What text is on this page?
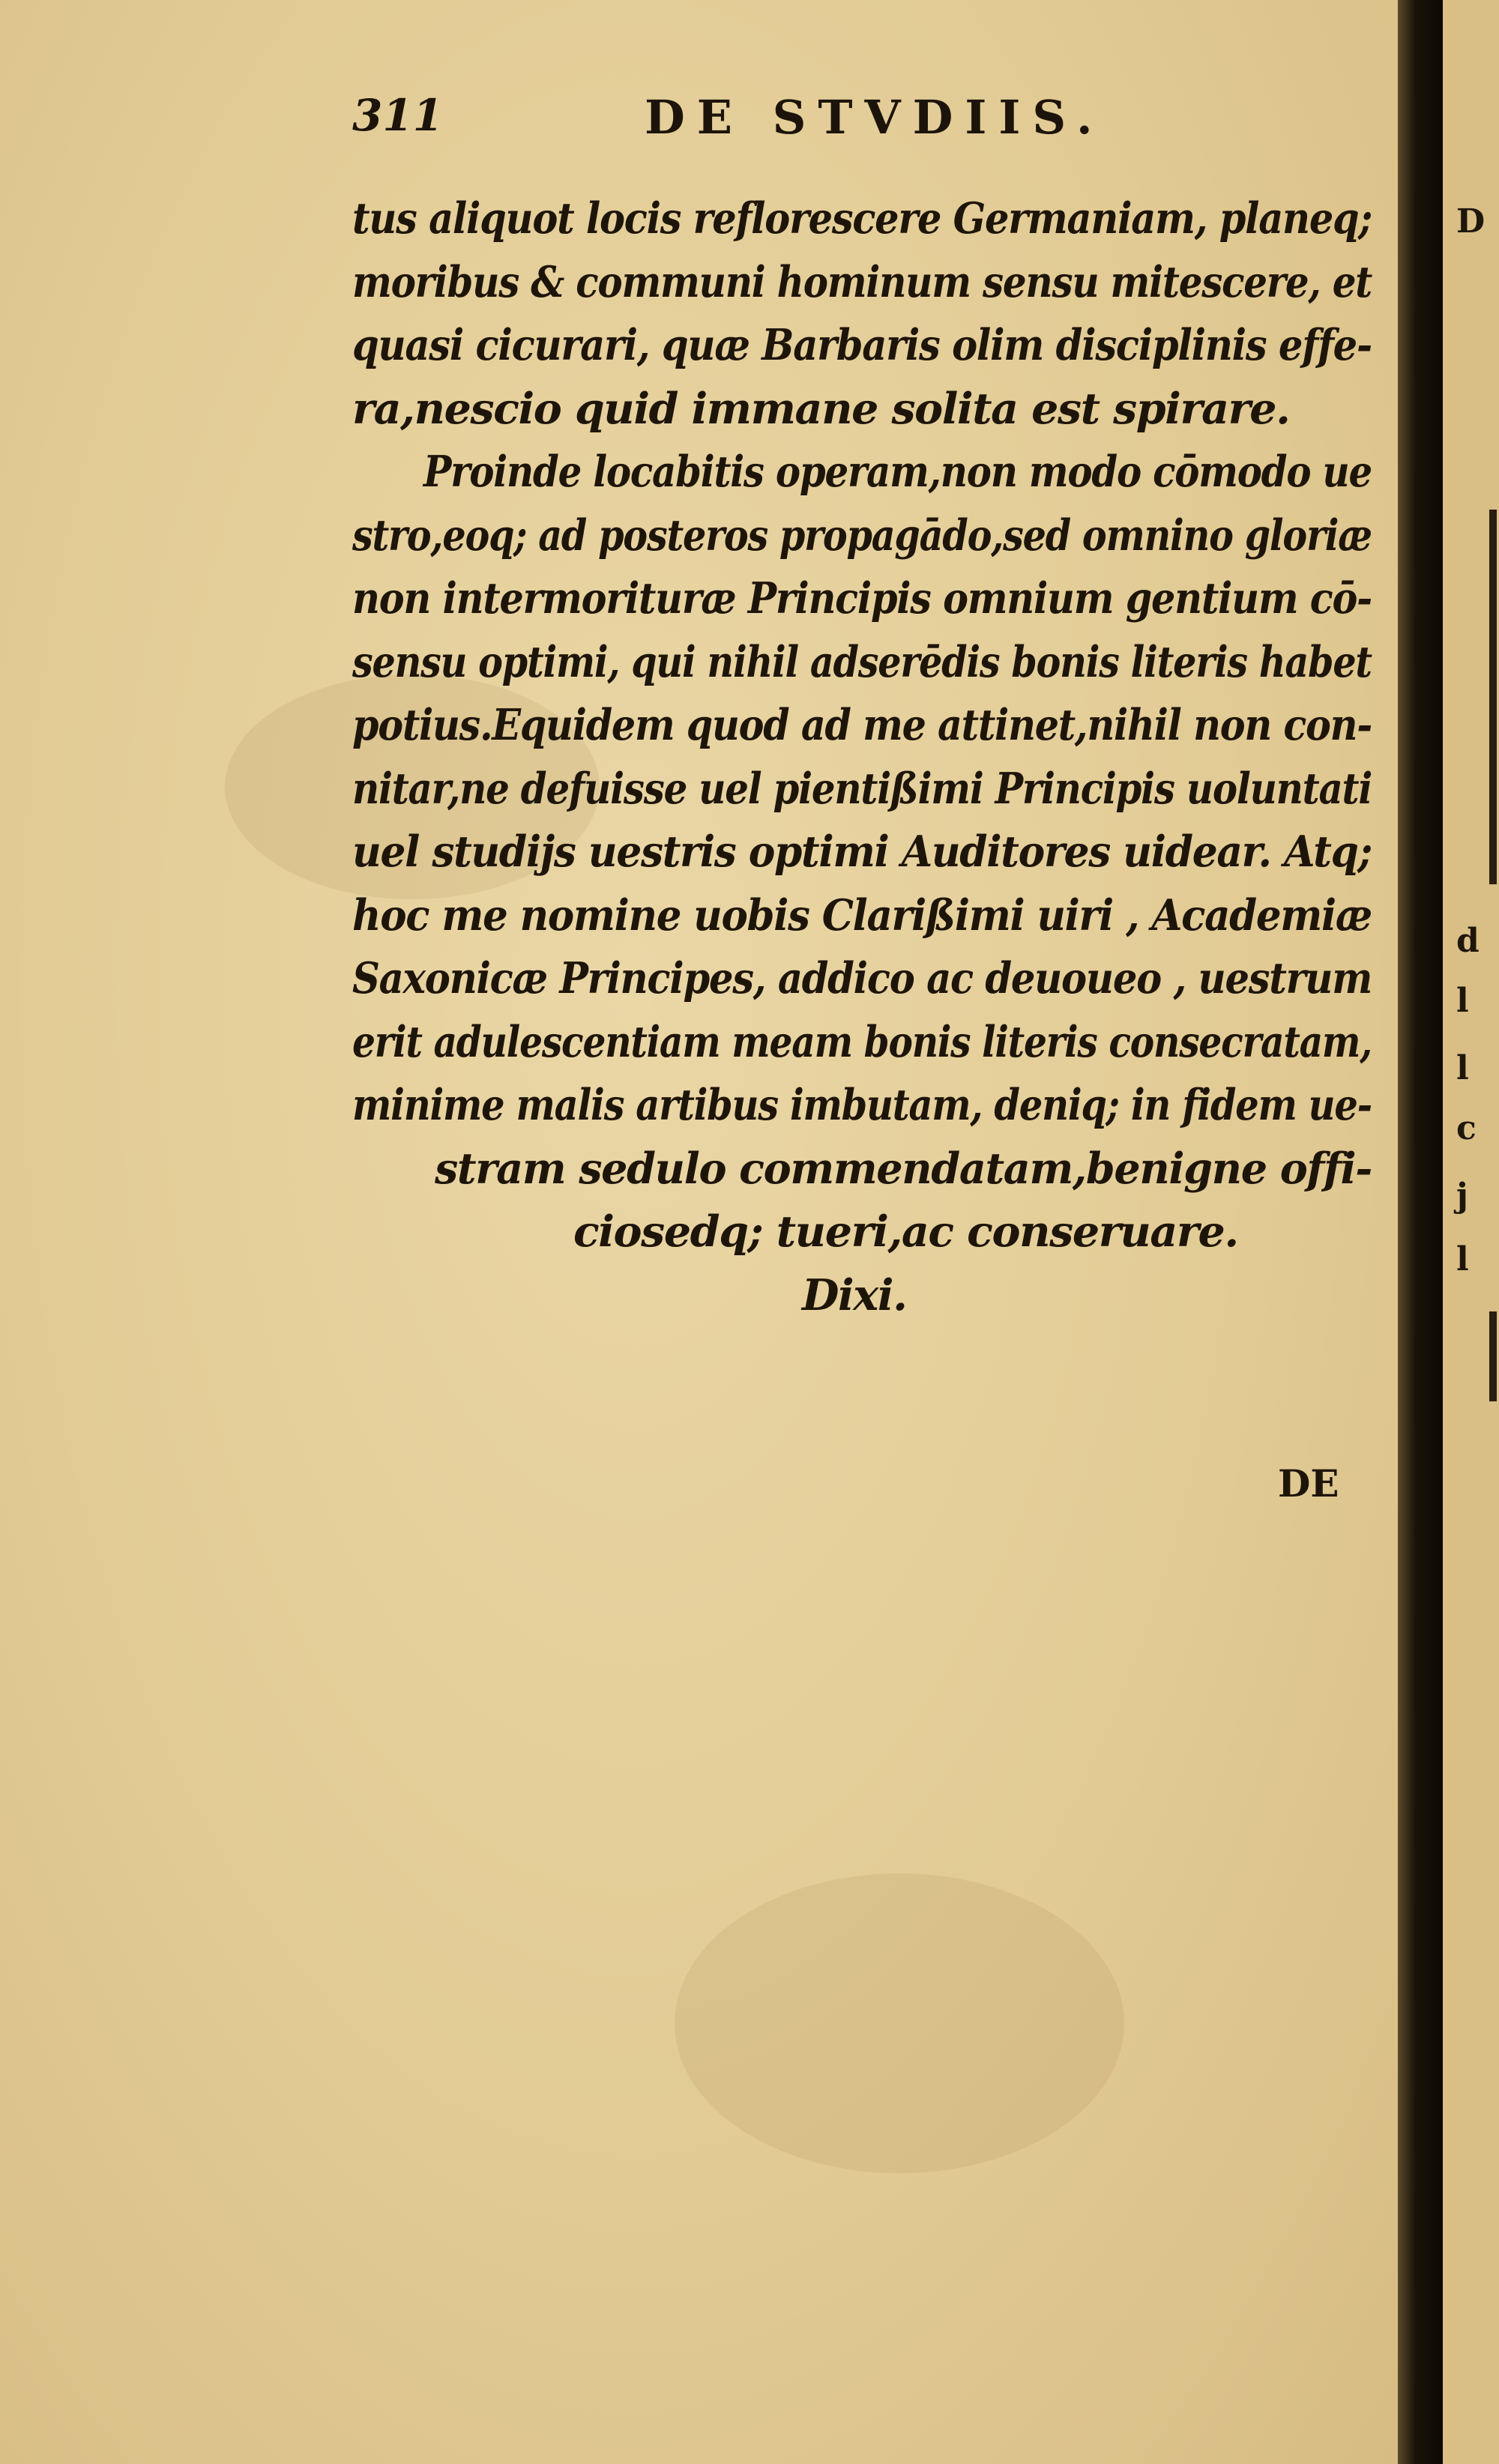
311	DE STVDIIS.
tus aliquot locis reflorescere Germaniam, planeq;
moribus & communi hominum sensu mitescere, et
quasi cicurari, quæ Barbaris olim disciplinis effe-
ra,nescio quid immane solita est spirare.
Proinde locabitis operam,non modo cōmodo ue
stro,eoq; ad posteros propagādo,sed omnino gloriæ
non intermorituræ Principis omnium gentium cō-
sensu optimi, qui nihil adserēdis bonis literis habet
potius.Equidem quod ad me attinet,nihil non con-
nitar,ne defuisse uel pientißimi Principis uoluntati
uel studijs uestris optimi Auditores uidear. Atq;
hoc me nomine uobis Clarißimi uiri , Academiæ
Saxonicæ Principes, addico ac deuoueo , uestrum
erit adulescentiam meam bonis literis consecratam,
minime malis artibus imbutam, deniq; in fidem ue-
stram sedulo commendatam,benigne offi-
ciosedq; tueri,ac conseruare.
Dixi.
DE
D
d
l
l
c
j
l
